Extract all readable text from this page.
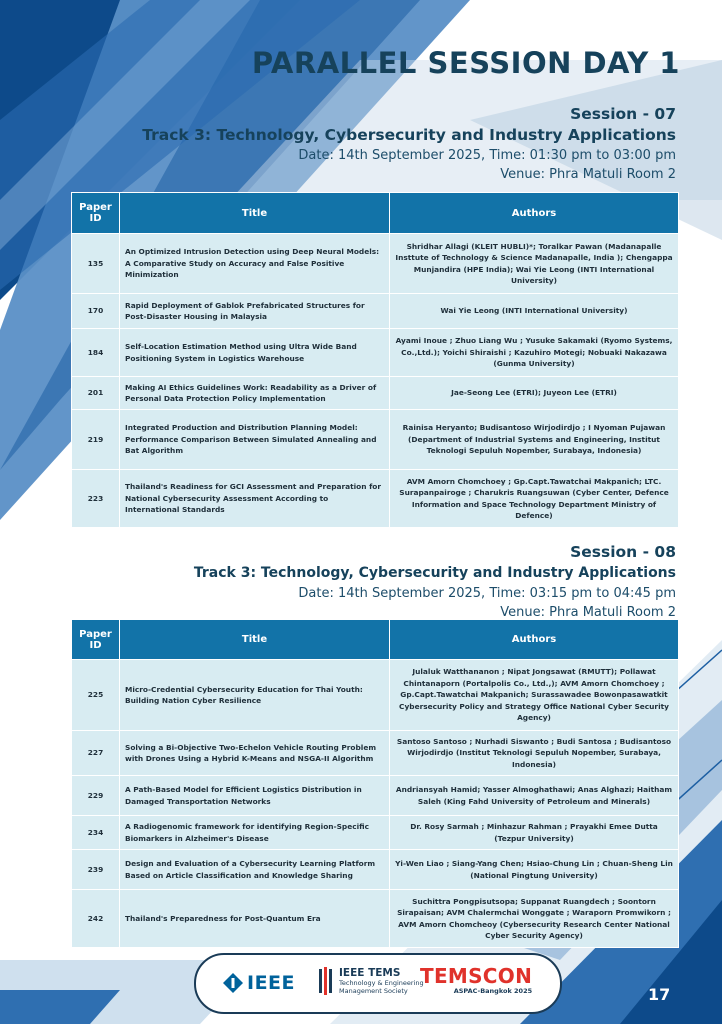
PARALLEL SESSION DAY 1
Session - 07
Track 3: Technology, Cybersecurity and Industry Applications
Date: 14th September 2025, Time: 01:30 pm to 03:00 pm
Venue: Phra Matuli Room 2
Paper ID	Title	Authors
135	An Optimized Intrusion Detection using Deep Neural Models: A Comparative Study on Accuracy and False Positive Minimization	Shridhar Allagi (KLEIT HUBLI)*; Toralkar Pawan (Madanapalle Insttute of Technology & Science Madanapalle, India ); Chengappa Munjandira (HPE India); Wai Yie Leong (INTI International University)
170	Rapid Deployment of Gablok Prefabricated Structures for Post-Disaster Housing in Malaysia	Wai Yie Leong (INTI International University)
184	Self-Location Estimation Method using Ultra Wide Band Positioning System in Logistics Warehouse	Ayami Inoue ; Zhuo Liang Wu ; Yusuke Sakamaki (Ryomo Systems, Co.,Ltd.); Yoichi Shiraishi ; Kazuhiro Motegi; Nobuaki Nakazawa (Gunma University)
201	Making AI Ethics Guidelines Work: Readability as a Driver of Personal Data Protection Policy Implementation	Jae-Seong Lee (ETRI); Juyeon Lee (ETRI)
219	Integrated Production and Distribution Planning Model: Performance Comparison Between Simulated Annealing and Bat Algorithm	Rainisa Heryanto; Budisantoso Wirjodirdjo ; I Nyoman Pujawan (Department of Industrial Systems and Engineering, Institut Teknologi Sepuluh Nopember, Surabaya, Indonesia)
223	Thailand's Readiness for GCI Assessment and Preparation for National Cybersecurity Assessment According to International Standards	AVM Amorn Chomchoey ; Gp.Capt.Tawatchai Makpanich; LTC. Surapanpairoge ; Charukris Ruangsuwan (Cyber Center, Defence Information and Space Technology Department Ministry of Defence)
Session - 08
Track 3: Technology, Cybersecurity and Industry Applications
Date: 14th September 2025, Time: 03:15 pm to 04:45 pm
Venue: Phra Matuli Room 2
Paper ID	Title	Authors
225	Micro-Credential Cybersecurity Education for Thai Youth: Building Nation Cyber Resilience	Julaluk Watthananon ; Nipat Jongsawat (RMUTT); Pollawat Chintanaporn (Portalpolis Co., Ltd.,); AVM Amorn Chomchoey ; Gp.Capt.Tawatchai Makpanich; Surassawadee Bowonpasawatkit Cybersecurity Policy and Strategy Office National Cyber Security Agency)
227	Solving a Bi-Objective Two-Echelon Vehicle Routing Problem with Drones Using a Hybrid K-Means and NSGA-II Algorithm	Santoso Santoso ; Nurhadi Siswanto ; Budi Santosa ; Budisantoso Wirjodirdjo (Institut Teknologi Sepuluh Nopember, Surabaya, Indonesia)
229	A Path-Based Model for Efficient Logistics Distribution in Damaged Transportation Networks	Andriansyah Hamid; Yasser Almoghathawi; Anas Alghazi; Haitham Saleh (King Fahd University of Petroleum and Minerals)
234	A Radiogenomic framework for identifying Region-Specific Biomarkers in Alzheimer's Disease	Dr. Rosy Sarmah ; Minhazur Rahman ; Prayakhi Emee Dutta (Tezpur University)
239	Design and Evaluation of a Cybersecurity Learning Platform Based on Article Classification and Knowledge Sharing	Yi-Wen Liao ; Siang-Yang Chen; Hsiao-Chung Lin ; Chuan-Sheng Lin (National Pingtung University)
242	Thailand's Preparedness for Post-Quantum Era	Suchittra Pongpisutsopa; Suppanat Ruangdech ; Soontorn Sirapaisan; AVM Chalermchai Wonggate ; Waraporn Promwikorn ; AVM Amorn Chomcheoy (Cybersecurity Research Center National Cyber Security Agency)
IEEE	IEEE TEMS
Technology & Engineering
Management Society
TEMSCON
ASPAC-Bangkok 2025	17
